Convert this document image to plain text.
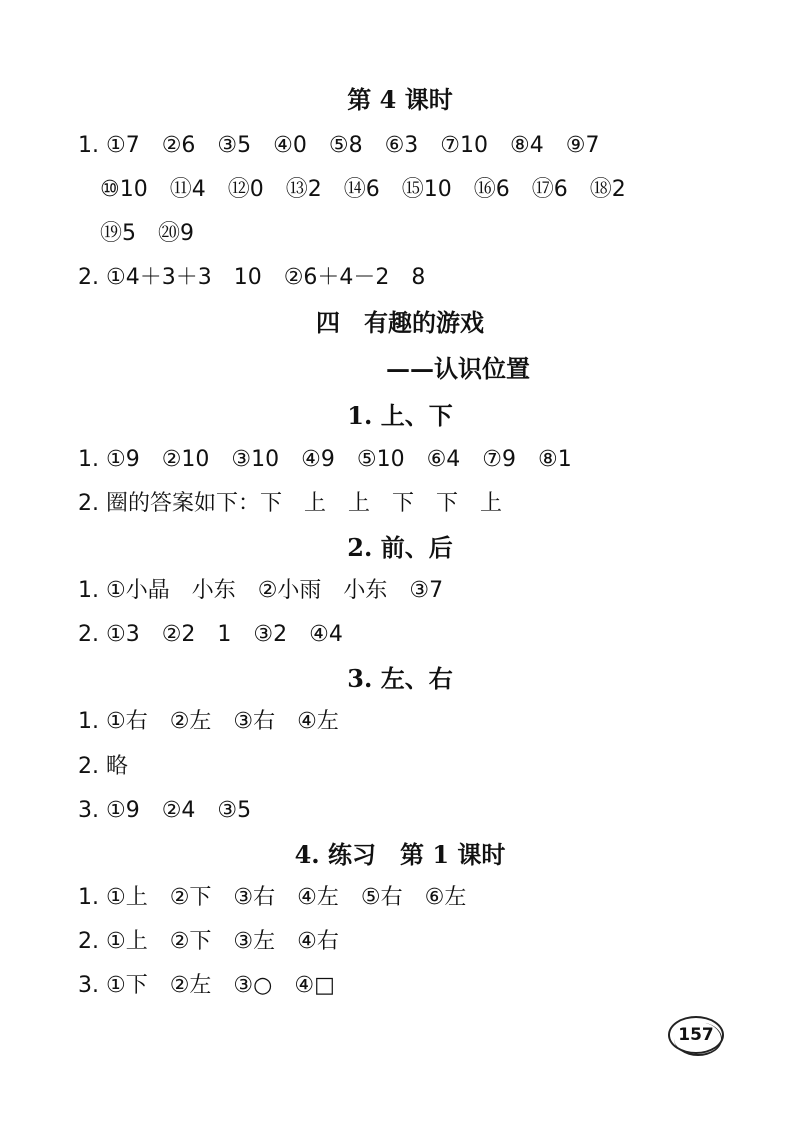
第 4 课时
1. ①7　②6　③5　④0　⑤8　⑥3　⑦10　⑧4　⑨7
⑩10　⑪4　⑫0　⑬2　⑭6　⑮10　⑯6　⑰6　⑱2
⑲5　⑳9
2. ①4＋3＋3　10　②6＋4－2　8
四　有趣的游戏
——认识位置
1. 上、下
1. ①9　②10　③10　④9　⑤10　⑥4　⑦9　⑧1
2. 圈的答案如下：下　上　上　下　下　上
2. 前、后
1. ①小晶　小东　②小雨　小东　③7
2. ①3　②2　1　③2　④4
3. 左、右
1. ①右　②左　③右　④左
2. 略
3. ①9　②4　③5
4. 练习　第 1 课时
1. ①上　②下　③右　④左　⑤右　⑥左
2. ①上　②下　③左　④右
3. ①下　②左　③○　④□
157
